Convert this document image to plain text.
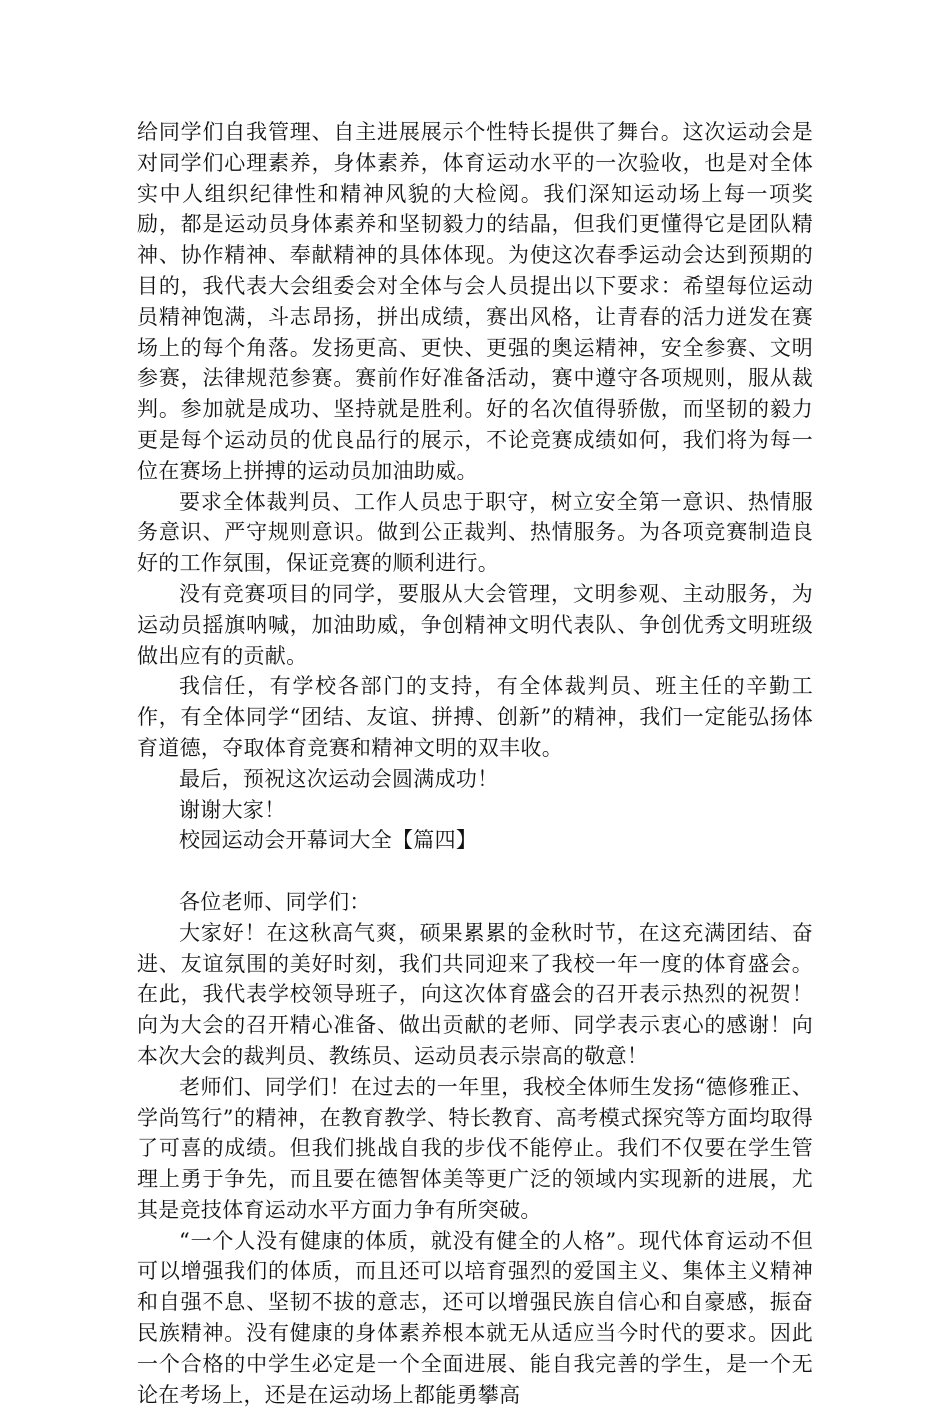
给同学们自我管理、自主进展展示个性特长提供了舞台。这次运动会是对同学们心理素养，身体素养，体育运动水平的一次验收，也是对全体实中人组织纪律性和精神风貌的大检阅。我们深知运动场上每一项奖励，都是运动员身体素养和坚韧毅力的结晶，但我们更懂得它是团队精神、协作精神、奉献精神的具体体现。为使这次春季运动会达到预期的目的，我代表大会组委会对全体与会人员提出以下要求：希望每位运动员精神饱满，斗志昂扬，拼出成绩，赛出风格，让青春的活力迸发在赛场上的每个角落。发扬更高、更快、更强的奥运精神，安全参赛、文明参赛，法律规范参赛。赛前作好准备活动，赛中遵守各项规则，服从裁判。参加就是成功、坚持就是胜利。好的名次值得骄傲，而坚韧的毅力更是每个运动员的优良品行的展示，不论竞赛成绩如何，我们将为每一位在赛场上拼搏的运动员加油助威。

要求全体裁判员、工作人员忠于职守，树立安全第一意识、热情服务意识、严守规则意识。做到公正裁判、热情服务。为各项竞赛制造良好的工作氛围，保证竞赛的顺利进行。

没有竞赛项目的同学，要服从大会管理，文明参观、主动服务，为运动员摇旗呐喊，加油助威，争创精神文明代表队、争创优秀文明班级做出应有的贡献。

我信任，有学校各部门的支持，有全体裁判员、班主任的辛勤工作，有全体同学“团结、友谊、拼搏、创新”的精神，我们一定能弘扬体育道德，夺取体育竞赛和精神文明的双丰收。

最后，预祝这次运动会圆满成功！

谢谢大家！

校园运动会开幕词大全【篇四】

各位老师、同学们：

大家好！在这秋高气爽，硕果累累的金秋时节，在这充满团结、奋进、友谊氛围的美好时刻，我们共同迎来了我校一年一度的体育盛会。在此，我代表学校领导班子，向这次体育盛会的召开表示热烈的祝贺！向为大会的召开精心准备、做出贡献的老师、同学表示衷心的感谢！向本次大会的裁判员、教练员、运动员表示崇高的敬意！

老师们、同学们！在过去的一年里，我校全体师生发扬“德修雅正、学尚笃行”的精神，在教育教学、特长教育、高考模式探究等方面均取得了可喜的成绩。但我们挑战自我的步伐不能停止。我们不仅要在学生管理上勇于争先，而且要在德智体美等更广泛的领域内实现新的进展，尤其是竞技体育运动水平方面力争有所突破。

“一个人没有健康的体质，就没有健全的人格”。现代体育运动不但可以增强我们的体质，而且还可以培育强烈的爱国主义、集体主义精神和自强不息、坚韧不拔的意志，还可以增强民族自信心和自豪感，振奋民族精神。没有健康的身体素养根本就无从适应当今时代的要求。因此一个合格的中学生必定是一个全面进展、能自我完善的学生，是一个无论在考场上，还是在运动场上都能勇攀高
